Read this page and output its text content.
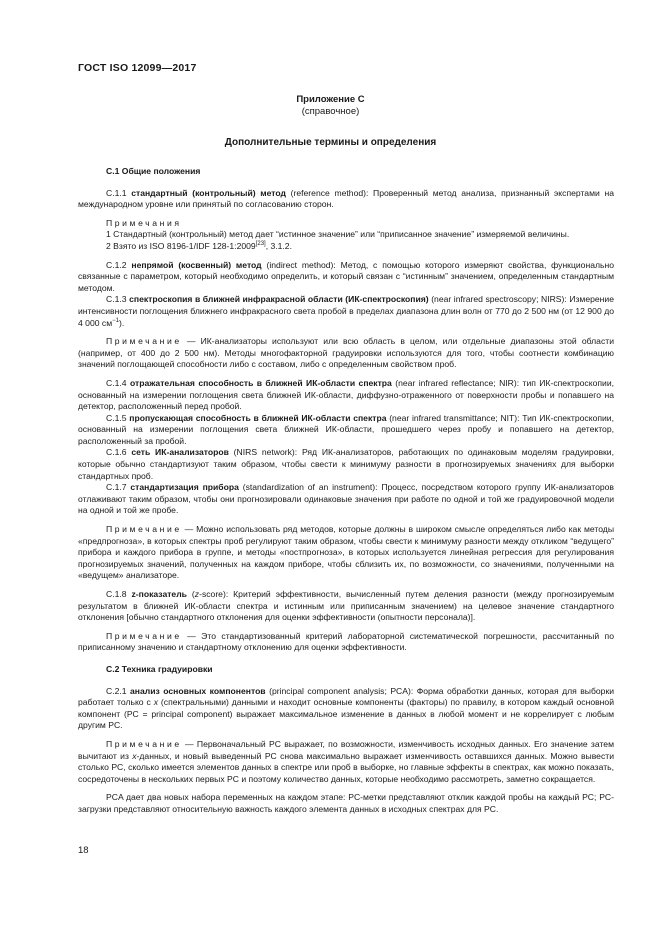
ГОСТ ISO 12099—2017
Приложение С
(справочное)
Дополнительные термины и определения

С.1 Общие положения

С.1.1 стандартный (контрольный) метод (reference method): Проверенный метод анализа, признанный экспертами на международном уровне или принятый по согласованию сторон.

Примечания

1 Стандартный (контрольный) метод дает “истинное значение” или “приписанное значение” измеряемой величины.

2 Взято из ISO 8196-1/IDF 128-1:2009[23], 3.1.2.

С.1.2 непрямой (косвенный) метод (indirect method): Метод, с помощью которого измеряют свойства, функционально связанные с параметром, который необходимо определить, и который связан с “истинным” значением, определенным стандартным методом.

С.1.3 спектроскопия в ближней инфракрасной области (ИК-спектроскопия) (near infrared spectroscopy; NIRS): Измерение интенсивности поглощения ближнего инфракрасного света пробой в пределах диапазона длин волн от 770 до 2 500 нм (от 12 900 до 4 000 $см^{-1}$).

Примечание — ИК-анализаторы используют или всю область в целом, или отдельные диапазоны этой области (например, от 400 до 2 500 нм). Методы многофакторной градуировки используются для того, чтобы соотнести комбинацию значений поглощающей способности либо с составом, либо с определенным свойством проб.

С.1.4 отражательная способность в ближней ИК-области спектра (near infrared reflectance; NIR): тип ИК-спектроскопии, основанный на измерении поглощения света ближней ИК-области, диффузно-отраженного от поверхности пробы и попавшего на детектор, расположенный перед пробой.

С.1.5 пропускающая способность в ближней ИК-области спектра (near infrared transmittance; NIT): Тип ИК-спектроскопии, основанный на измерении поглощения света ближней ИК-области, прошедшего через пробу и попавшего на детектор, расположенный за пробой.

С.1.6 сеть ИК-анализаторов (NIRS network): Ряд ИК-анализаторов, работающих по одинаковым моделям градуировки, которые обычно стандартизуют таким образом, чтобы свести к минимуму разности в прогнозируемых значениях для выборки стандартных проб.

С.1.7 стандартизация прибора (standardization of an instrument): Процесс, посредством которого группу ИК-анализаторов отлаживают таким образом, чтобы они прогнозировали одинаковые значения при работе по одной и той же градуировочной модели на одной и той же пробе.

Примечание — Можно использовать ряд методов, которые должны в широком смысле определяться либо как методы «предпрогноза», в которых спектры проб регулируют таким образом, чтобы свести к минимуму разности между откликом “ведущего” прибора и каждого прибора в группе, и методы «постпрогноза», в которых используется линейная регрессия для регулирования прогнозируемых значений, полученных на каждом приборе, чтобы сблизить их, по возможности, со значениями, полученными на «ведущем» анализаторе.

С.1.8 z-показатель (z-score): Критерий эффективности, вычисленный путем деления разности (между прогнозируемым результатом в ближней ИК-области спектра и истинным или приписанным значением) на целевое значение стандартного отклонения [обычно стандартного отклонения для оценки эффективности (опытности персонала)].

Примечание — Это стандартизованный критерий лабораторной систематической погрешности, рассчитанный по приписанному значению и стандартному отклонению для оценки эффективности.

С.2 Техника градуировки

С.2.1 анализ основных компонентов (principal component analysis; PCA): Форма обработки данных, которая для выборки работает только с x (спектральными) данными и находит основные компоненты (факторы) по правилу, в котором каждый основной компонент (PC = principal component) выражает максимальное изменение в данных в любой момент и не коррелирует с любым другим PC.

Примечание — Первоначальный PC выражает, по возможности, изменчивость исходных данных. Его значение затем вычитают из x-данных, и новый выведенный PC снова максимально выражает изменчивость оставшихся данных. Можно вывести столько PC, сколько имеется элементов данных в спектре или проб в выборке, но главные эффекты в спектрах, как можно показать, сосредоточены в нескольких первых PC и поэтому количество данных, которые необходимо рассмотреть, заметно сокращается.

PCA дает два новых набора переменных на каждом этапе: PC-метки представляют отклик каждой пробы на каждый PC; PC-загрузки представляют относительную важность каждого элемента данных в исходных спектрах для PC.

18
